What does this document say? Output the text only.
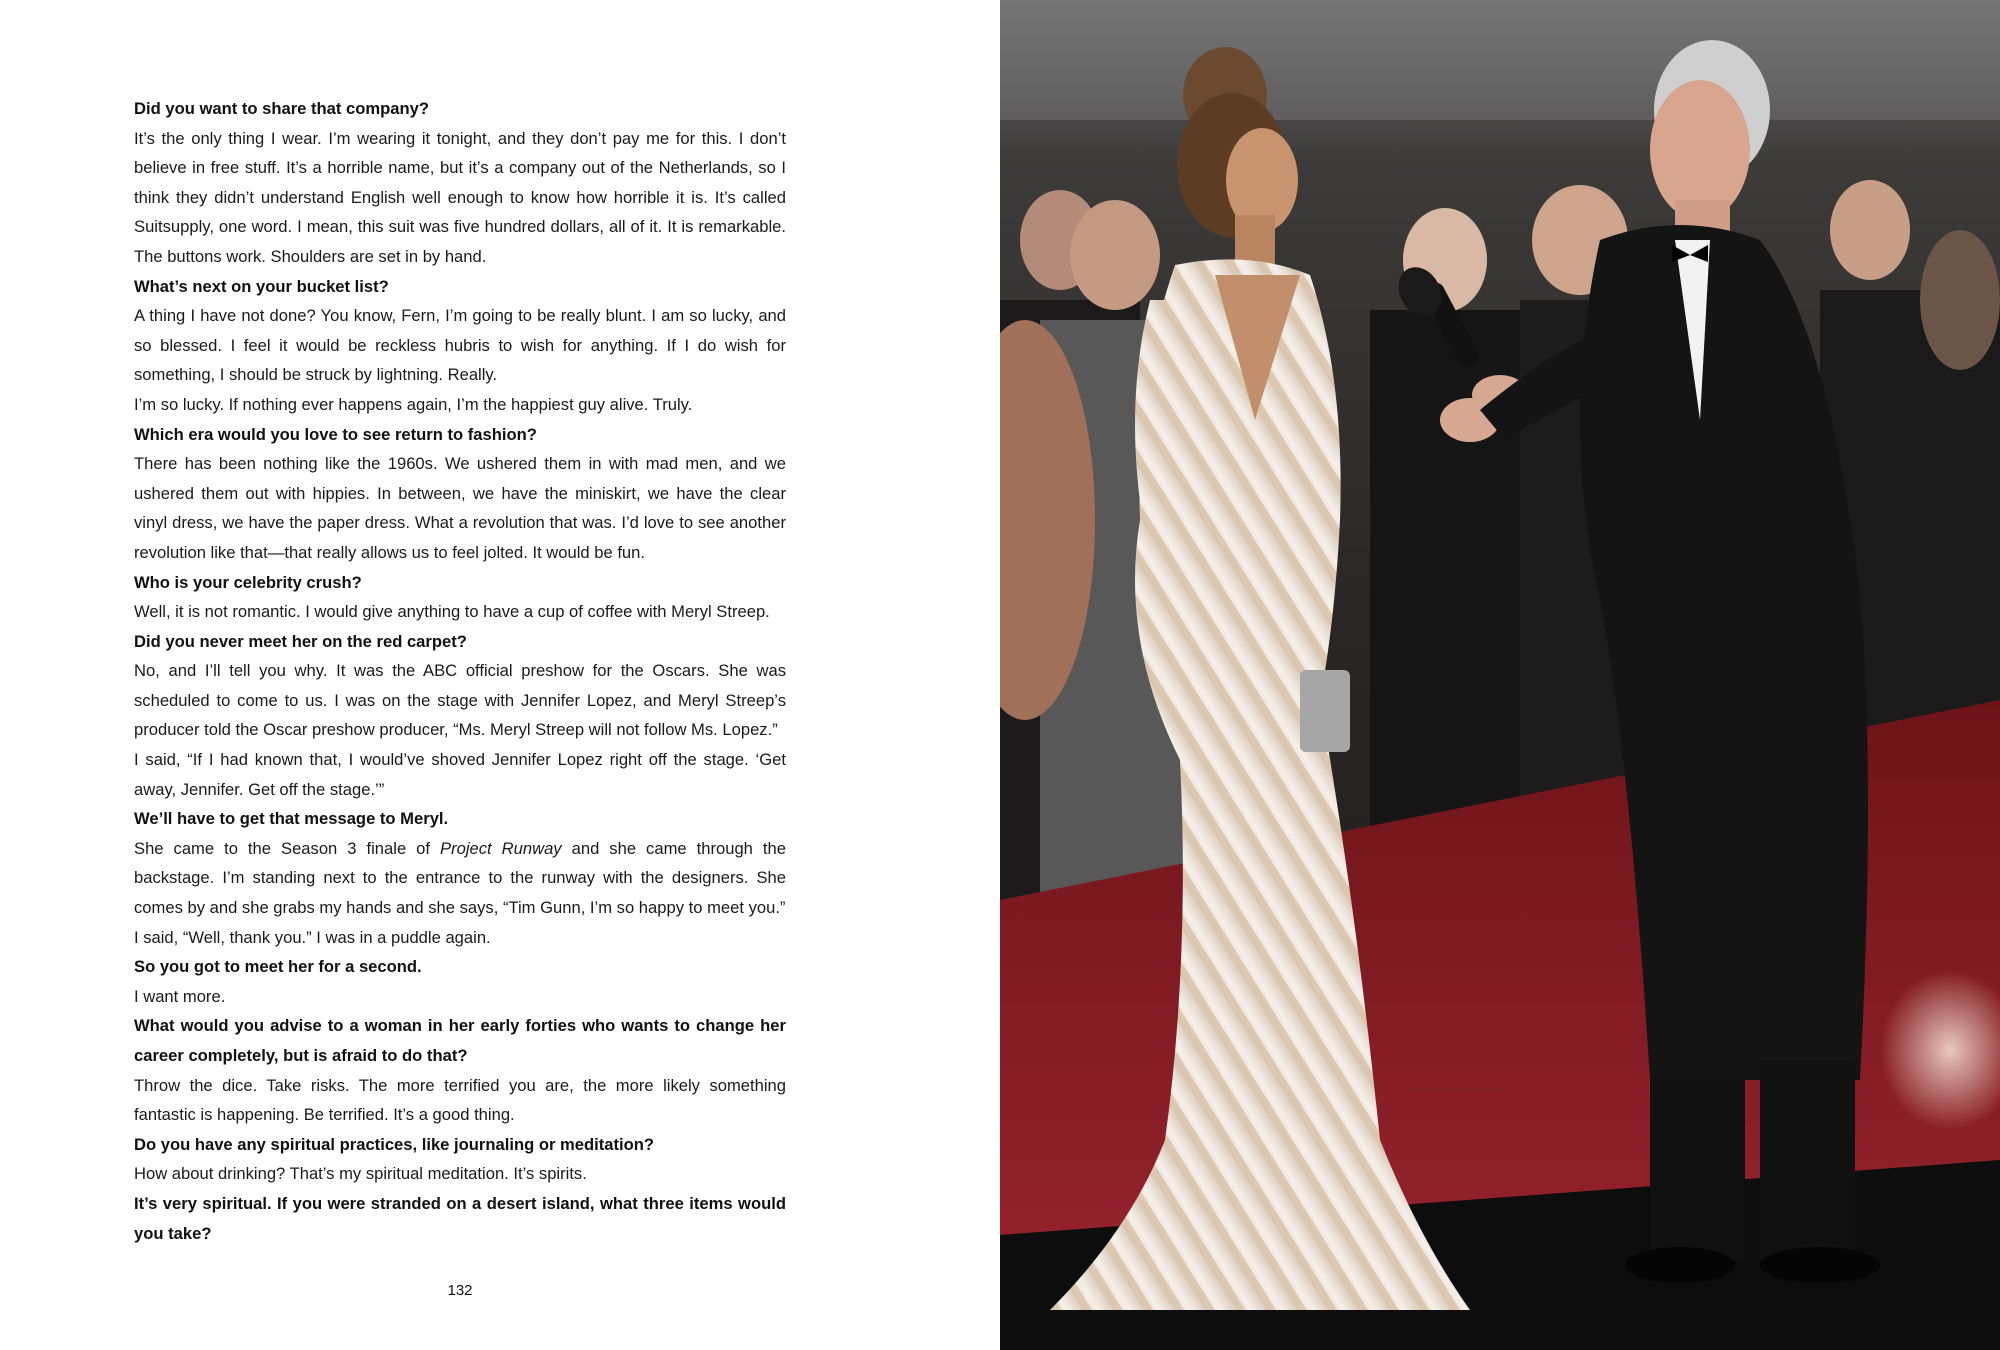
Did you want to share that company?

It’s the only thing I wear. I’m wearing it tonight, and they don’t pay me for this. I don’t believe in free stuff. It’s a horrible name, but it’s a company out of the Netherlands, so I think they didn’t understand English well enough to know how horrible it is. It’s called Suitsupply, one word. I mean, this suit was five hundred dollars, all of it. It is remarkable. The buttons work. Shoulders are set in by hand.

What’s next on your bucket list?

A thing I have not done? You know, Fern, I’m going to be really blunt. I am so lucky, and so blessed. I feel it would be reckless hubris to wish for anything. If I do wish for something, I should be struck by lightning. Really.

I’m so lucky. If nothing ever happens again, I’m the happiest guy alive. Truly.

Which era would you love to see return to fashion?

There has been nothing like the 1960s. We ushered them in with mad men, and we ushered them out with hippies. In between, we have the miniskirt, we have the clear vinyl dress, we have the paper dress. What a revolution that was. I’d love to see another revolution like that—that really allows us to feel jolted. It would be fun.

Who is your celebrity crush?

Well, it is not romantic. I would give anything to have a cup of coffee with Meryl Streep.

Did you never meet her on the red carpet?

No, and I’ll tell you why. It was the ABC official preshow for the Oscars. She was scheduled to come to us. I was on the stage with Jennifer Lopez, and Meryl Streep’s producer told the Oscar preshow producer, “Ms. Meryl Streep will not follow Ms. Lopez.”

I said, “If I had known that, I would’ve shoved Jennifer Lopez right off the stage. ‘Get away, Jennifer. Get off the stage.’”

We’ll have to get that message to Meryl.

She came to the Season 3 finale of Project Runway and she came through the backstage. I’m standing next to the entrance to the runway with the designers. She comes by and she grabs my hands and she says, “Tim Gunn, I’m so happy to meet you.”

I said, “Well, thank you.” I was in a puddle again.

So you got to meet her for a second.

I want more.

What would you advise to a woman in her early forties who wants to change her career completely, but is afraid to do that?

Throw the dice. Take risks. The more terrified you are, the more likely something fantastic is happening. Be terrified. It’s a good thing.

Do you have any spiritual practices, like journaling or meditation?

How about drinking? That’s my spiritual meditation. It’s spirits.

It’s very spiritual. If you were stranded on a desert island, what three items would you take?

132
